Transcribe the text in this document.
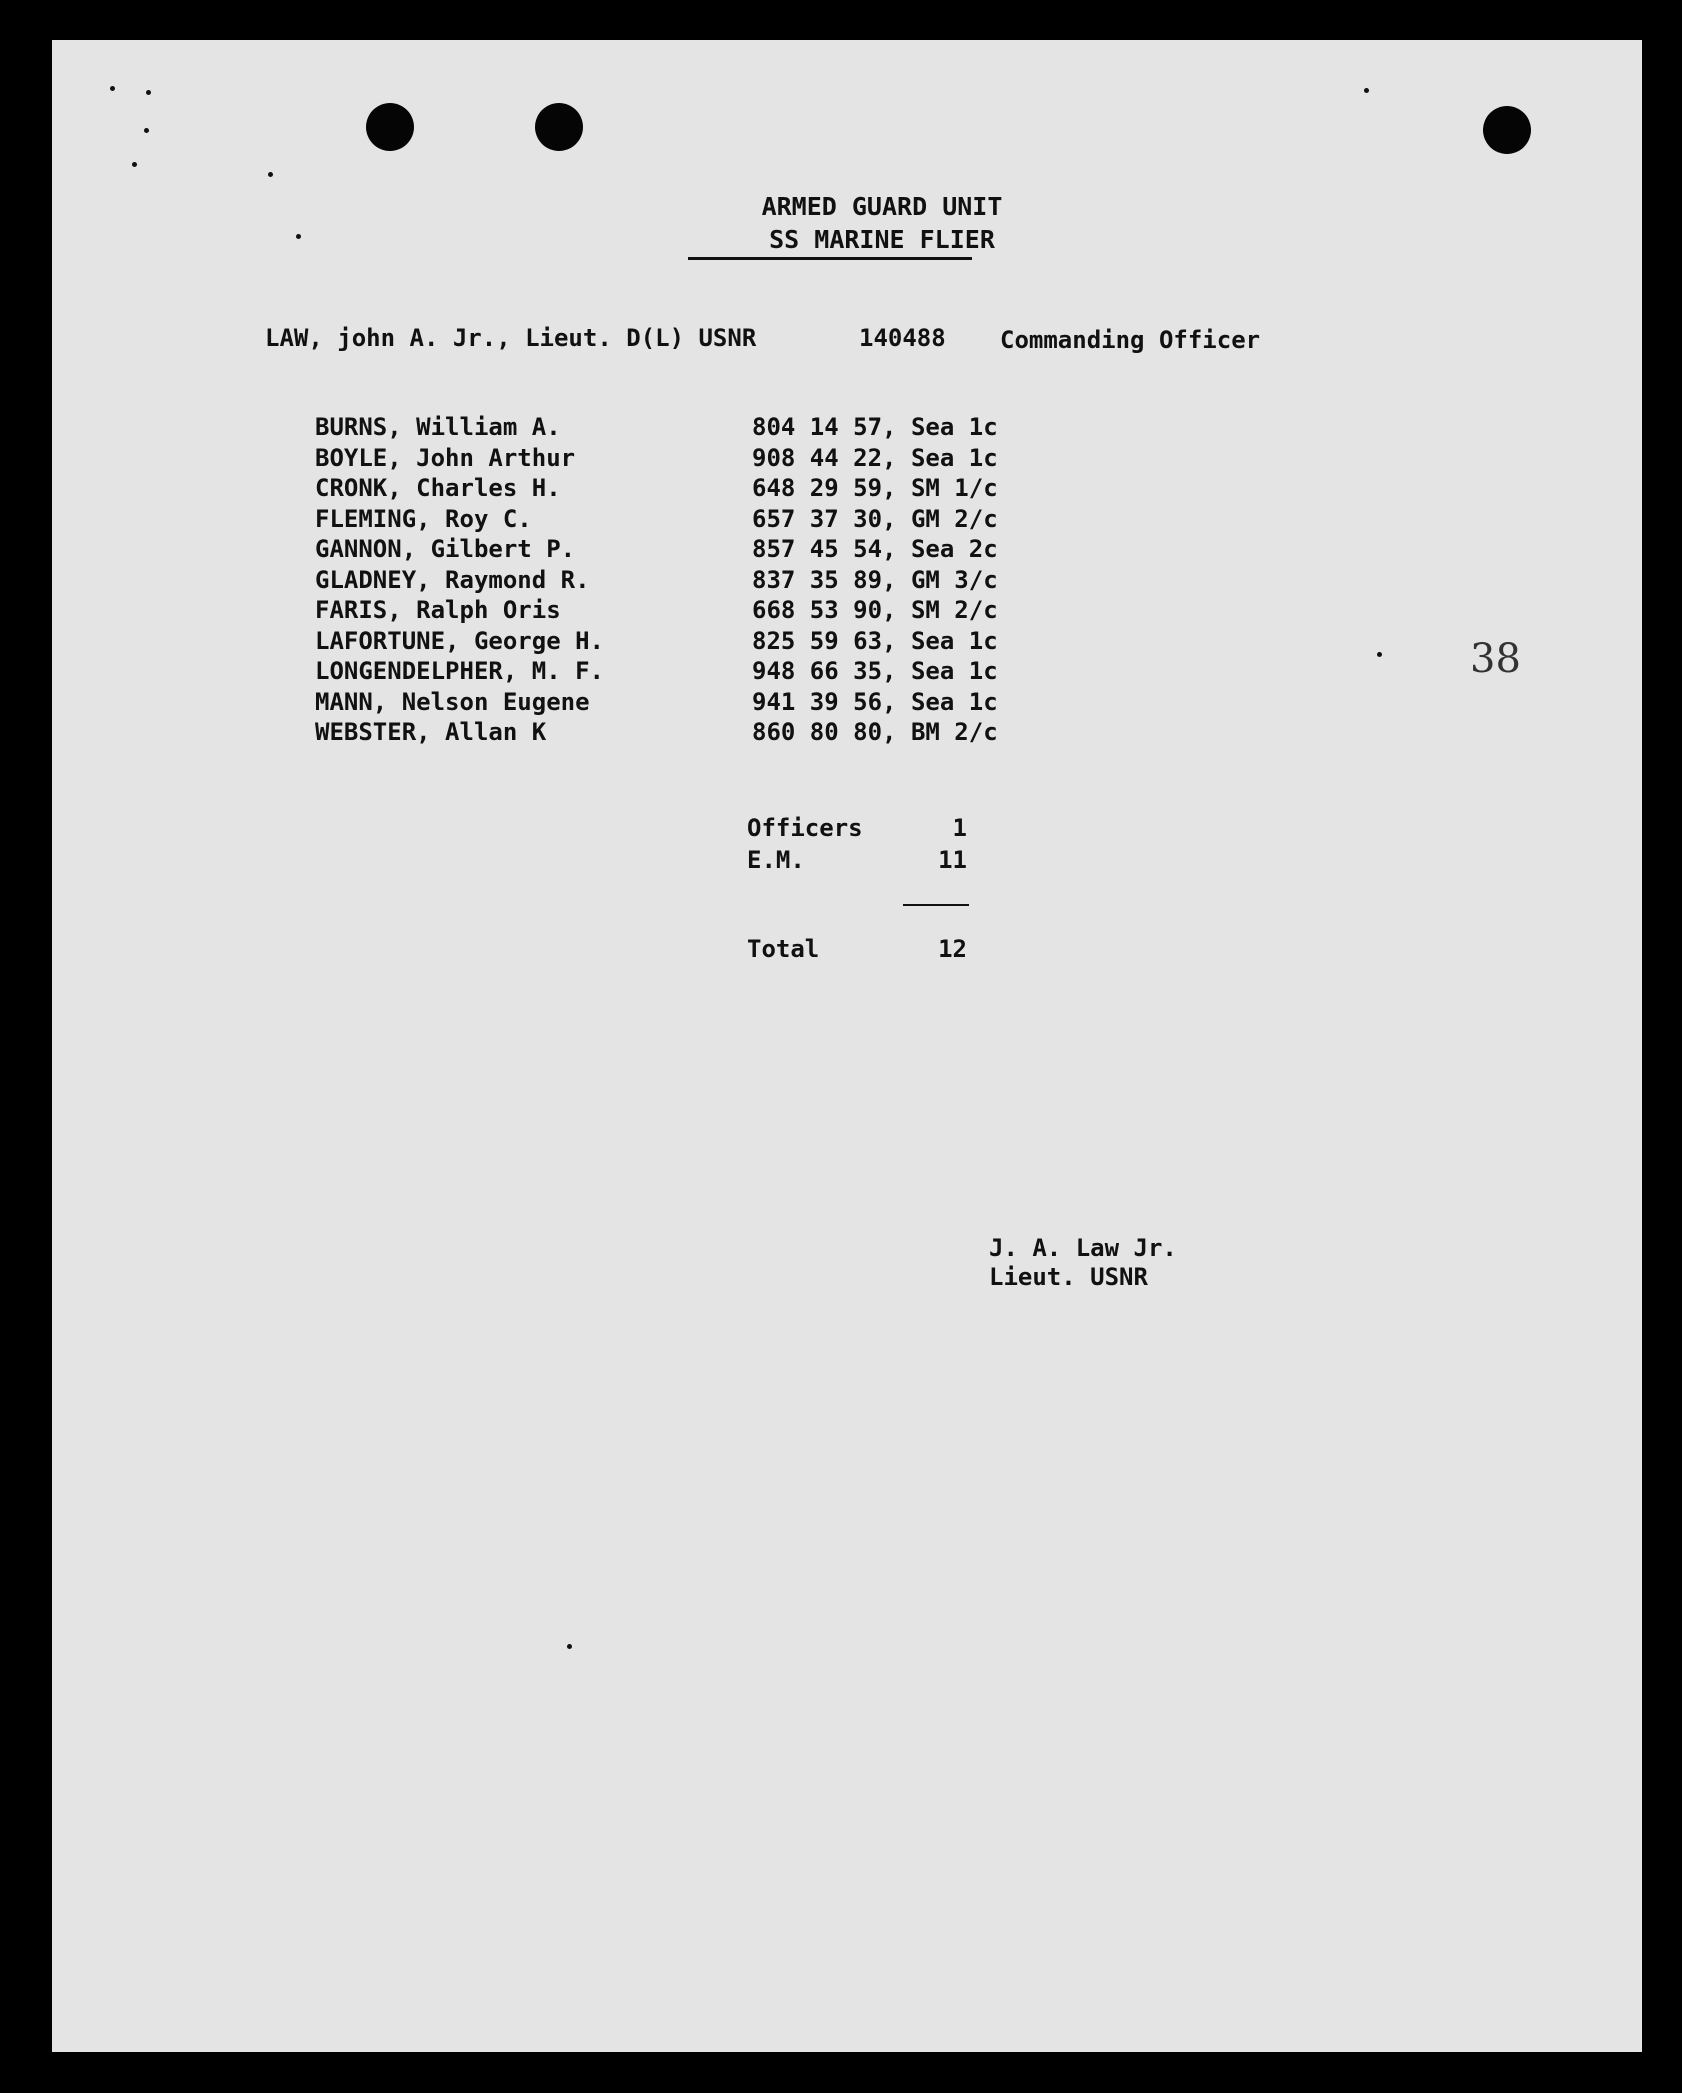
ARMED GUARD UNIT
SS MARINE FLIER
LAW, john A. Jr., Lieut. D(L) USNR	140488 Commanding Officer
BURNS, William A.	804 14 57, Sea 1c
BOYLE, John Arthur	908 44 22, Sea 1c
CRONK, Charles H.	648 29 59, SM 1/c
FLEMING, Roy C.	657 37 30, GM 2/c
GANNON, Gilbert P.	857 45 54, Sea 2c
GLADNEY, Raymond R.	837 35 89, GM 3/c
FARIS, Ralph Oris	668 53 90, SM 2/c
LAFORTUNE, George H.	825 59 63, Sea 1c
LONGENDELPHER, M. F.	948 66 35, Sea 1c
MANN, Nelson Eugene	941 39 56, Sea 1c
WEBSTER, Allan K	860 80 80, BM 2/c
Officers	1
E.M.	11
Total	12
38
J. A. Law Jr.
Lieut. USNR
